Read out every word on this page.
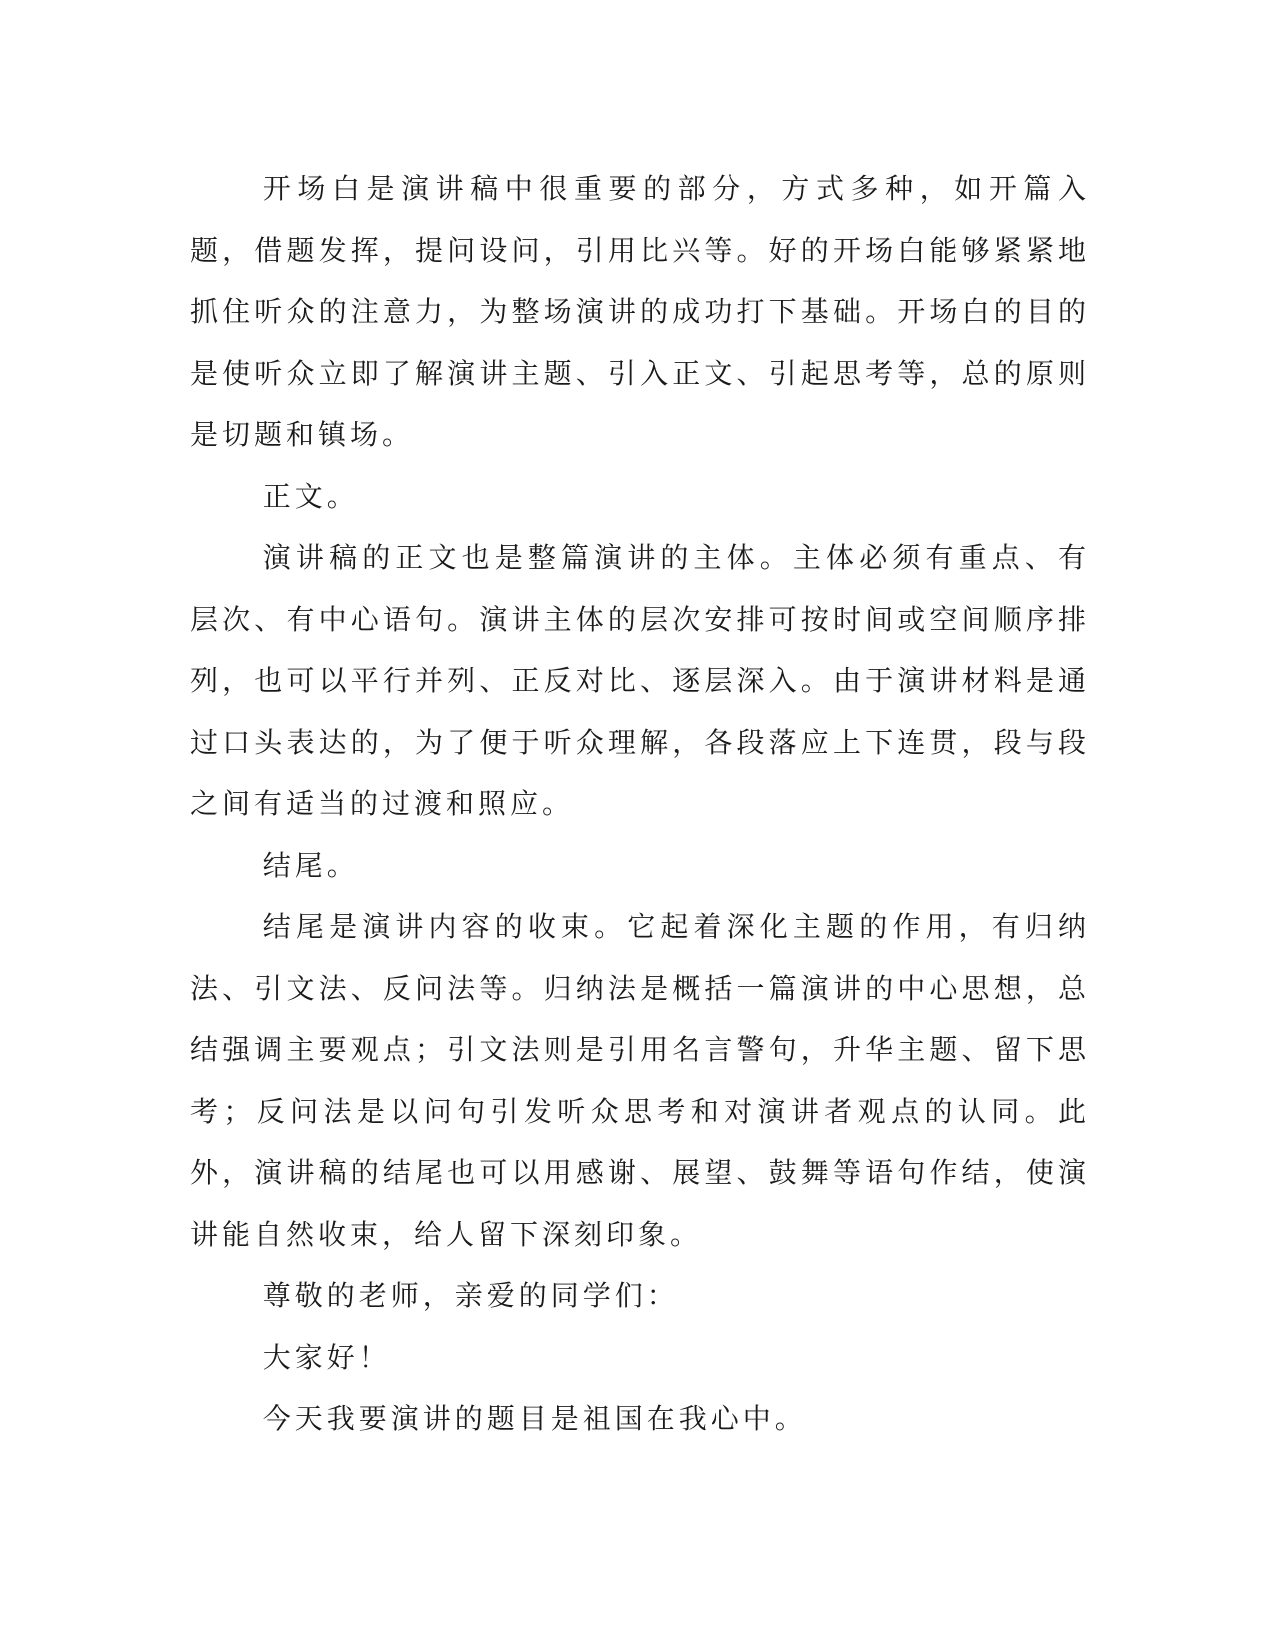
开场白是演讲稿中很重要的部分，方式多种，如开篇入题，借题发挥，提问设问，引用比兴等。好的开场白能够紧紧地抓住听众的注意力，为整场演讲的成功打下基础。开场白的目的是使听众立即了解演讲主题、引入正文、引起思考等，总的原则是切题和镇场。

正文。

演讲稿的正文也是整篇演讲的主体。主体必须有重点、有层次、有中心语句。演讲主体的层次安排可按时间或空间顺序排列，也可以平行并列、正反对比、逐层深入。由于演讲材料是通过口头表达的，为了便于听众理解，各段落应上下连贯，段与段之间有适当的过渡和照应。

结尾。

结尾是演讲内容的收束。它起着深化主题的作用，有归纳法、引文法、反问法等。归纳法是概括一篇演讲的中心思想，总结强调主要观点；引文法则是引用名言警句，升华主题、留下思考；反问法是以问句引发听众思考和对演讲者观点的认同。此外，演讲稿的结尾也可以用感谢、展望、鼓舞等语句作结，使演讲能自然收束，给人留下深刻印象。

尊敬的老师，亲爱的同学们：

大家好！

今天我要演讲的题目是祖国在我心中。
